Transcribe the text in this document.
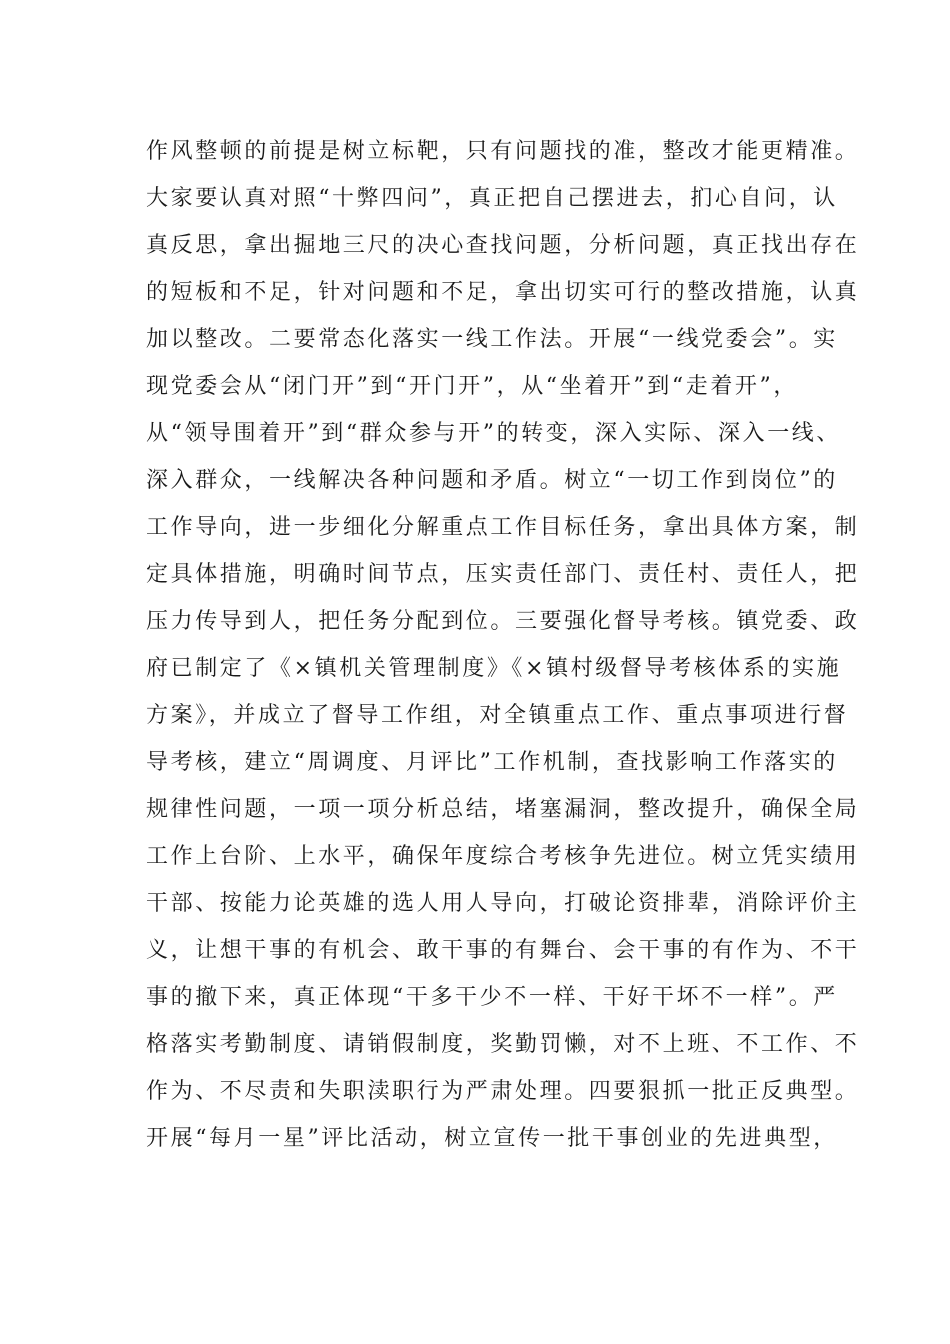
作风整顿的前提是树立标靶，只有问题找的准，整改才能更精准。
大家要认真对照“十弊四问”，真正把自己摆进去，扪心自问，认
真反思，拿出掘地三尺的决心查找问题，分析问题，真正找出存在
的短板和不足，针对问题和不足，拿出切实可行的整改措施，认真
加以整改。二要常态化落实一线工作法。开展“一线党委会”。实
现党委会从“闭门开”到“开门开”，从“坐着开”到“走着开”，
从“领导围着开”到“群众参与开”的转变，深入实际、深入一线、
深入群众，一线解决各种问题和矛盾。树立“一切工作到岗位”的
工作导向，进一步细化分解重点工作目标任务，拿出具体方案，制
定具体措施，明确时间节点，压实责任部门、责任村、责任人，把
压力传导到人，把任务分配到位。三要强化督导考核。镇党委、政
府已制定了《×镇机关管理制度》《×镇村级督导考核体系的实施
方案》，并成立了督导工作组，对全镇重点工作、重点事项进行督
导考核，建立“周调度、月评比”工作机制，查找影响工作落实的
规律性问题，一项一项分析总结，堵塞漏洞，整改提升，确保全局
工作上台阶、上水平，确保年度综合考核争先进位。树立凭实绩用
干部、按能力论英雄的选人用人导向，打破论资排辈，消除评价主
义，让想干事的有机会、敢干事的有舞台、会干事的有作为、不干
事的撤下来，真正体现“干多干少不一样、干好干坏不一样”。严
格落实考勤制度、请销假制度，奖勤罚懒，对不上班、不工作、不
作为、不尽责和失职渎职行为严肃处理。四要狠抓一批正反典型。
开展“每月一星”评比活动，树立宣传一批干事创业的先进典型，
